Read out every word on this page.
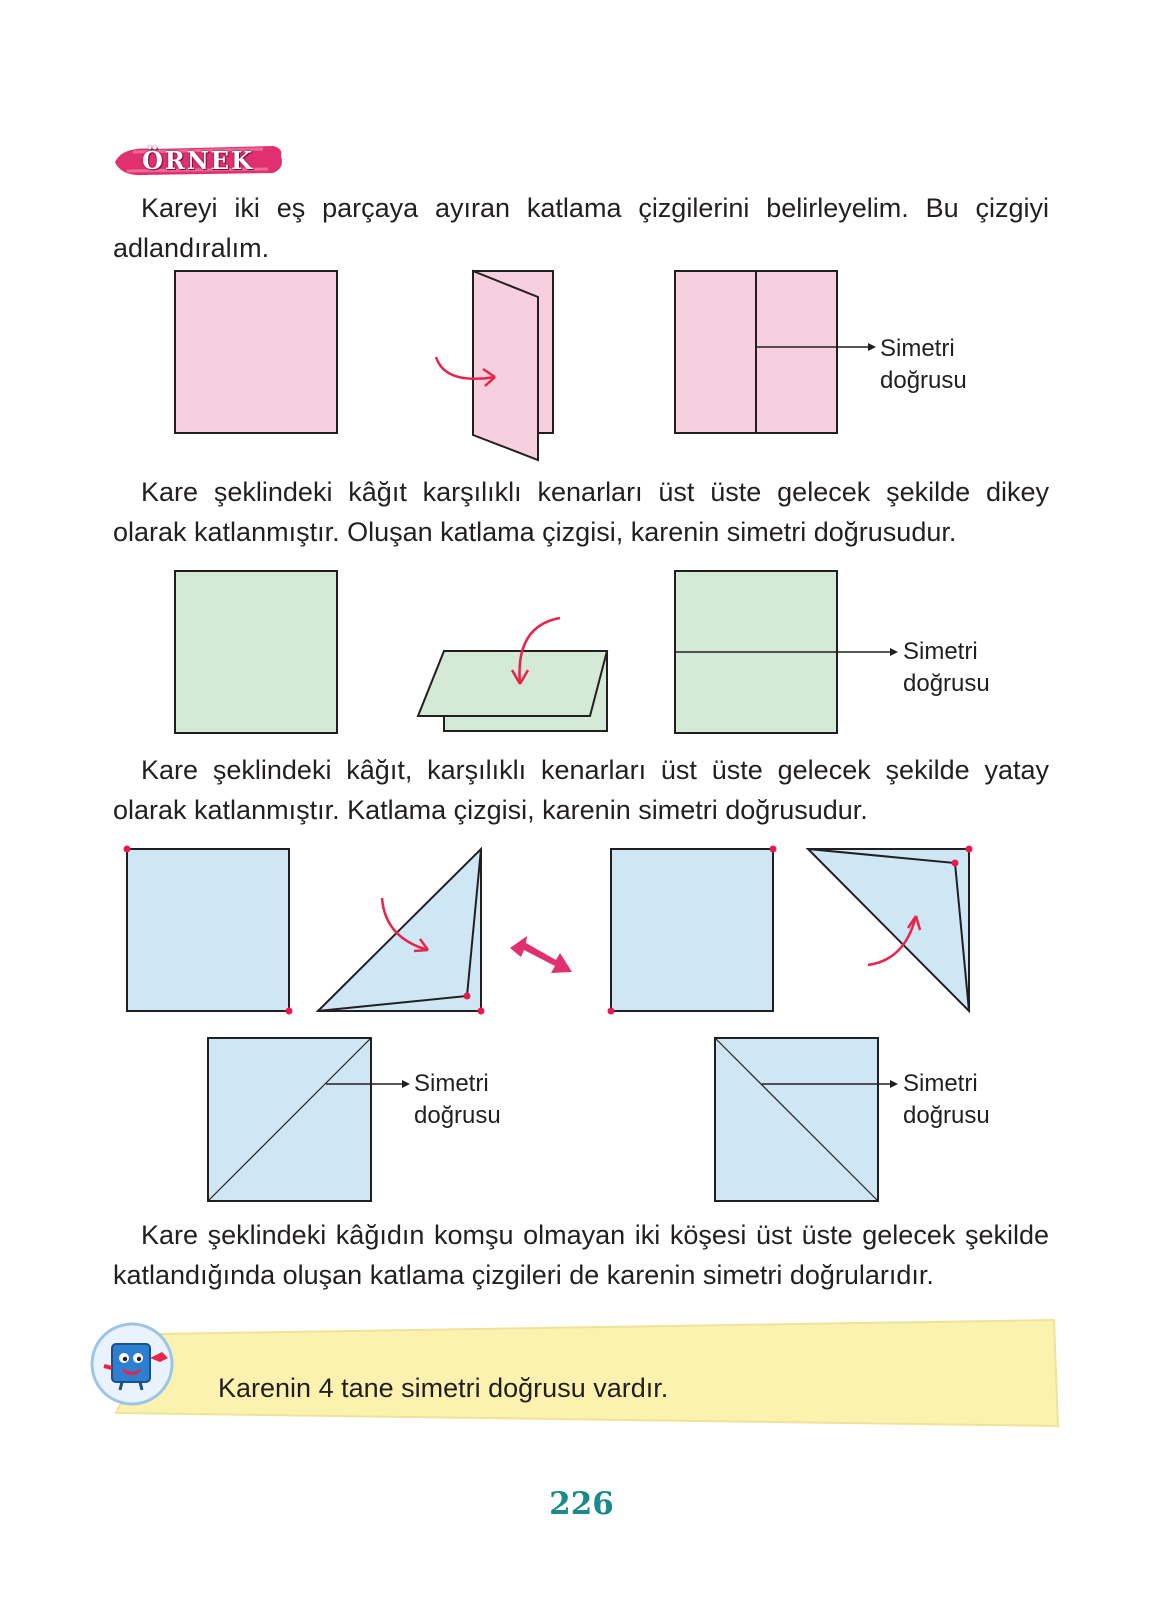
ÖRNEK

Kareyi iki eş parçaya ayıran katlama çizgilerini belirleyelim. Bu çizgiyi adlandıralım.

Simetri
doğrusu

Kare şeklindeki kâğıt karşılıklı kenarları üst üste gelecek şekilde dikey olarak katlanmıştır. Oluşan katlama çizgisi, karenin simetri doğrusudur.

Simetri
doğrusu

Kare şeklindeki kâğıt, karşılıklı kenarları üst üste gelecek şekilde yatay olarak katlanmıştır. Katlama çizgisi, karenin simetri doğrusudur.

Simetri
doğrusu
Simetri
doğrusu

Kare şeklindeki kâğıdın komşu olmayan iki köşesi üst üste gelecek şekilde katlandığında oluşan katlama çizgileri de karenin simetri doğrularıdır.

Karenin 4 tane simetri doğrusu vardır.
226
